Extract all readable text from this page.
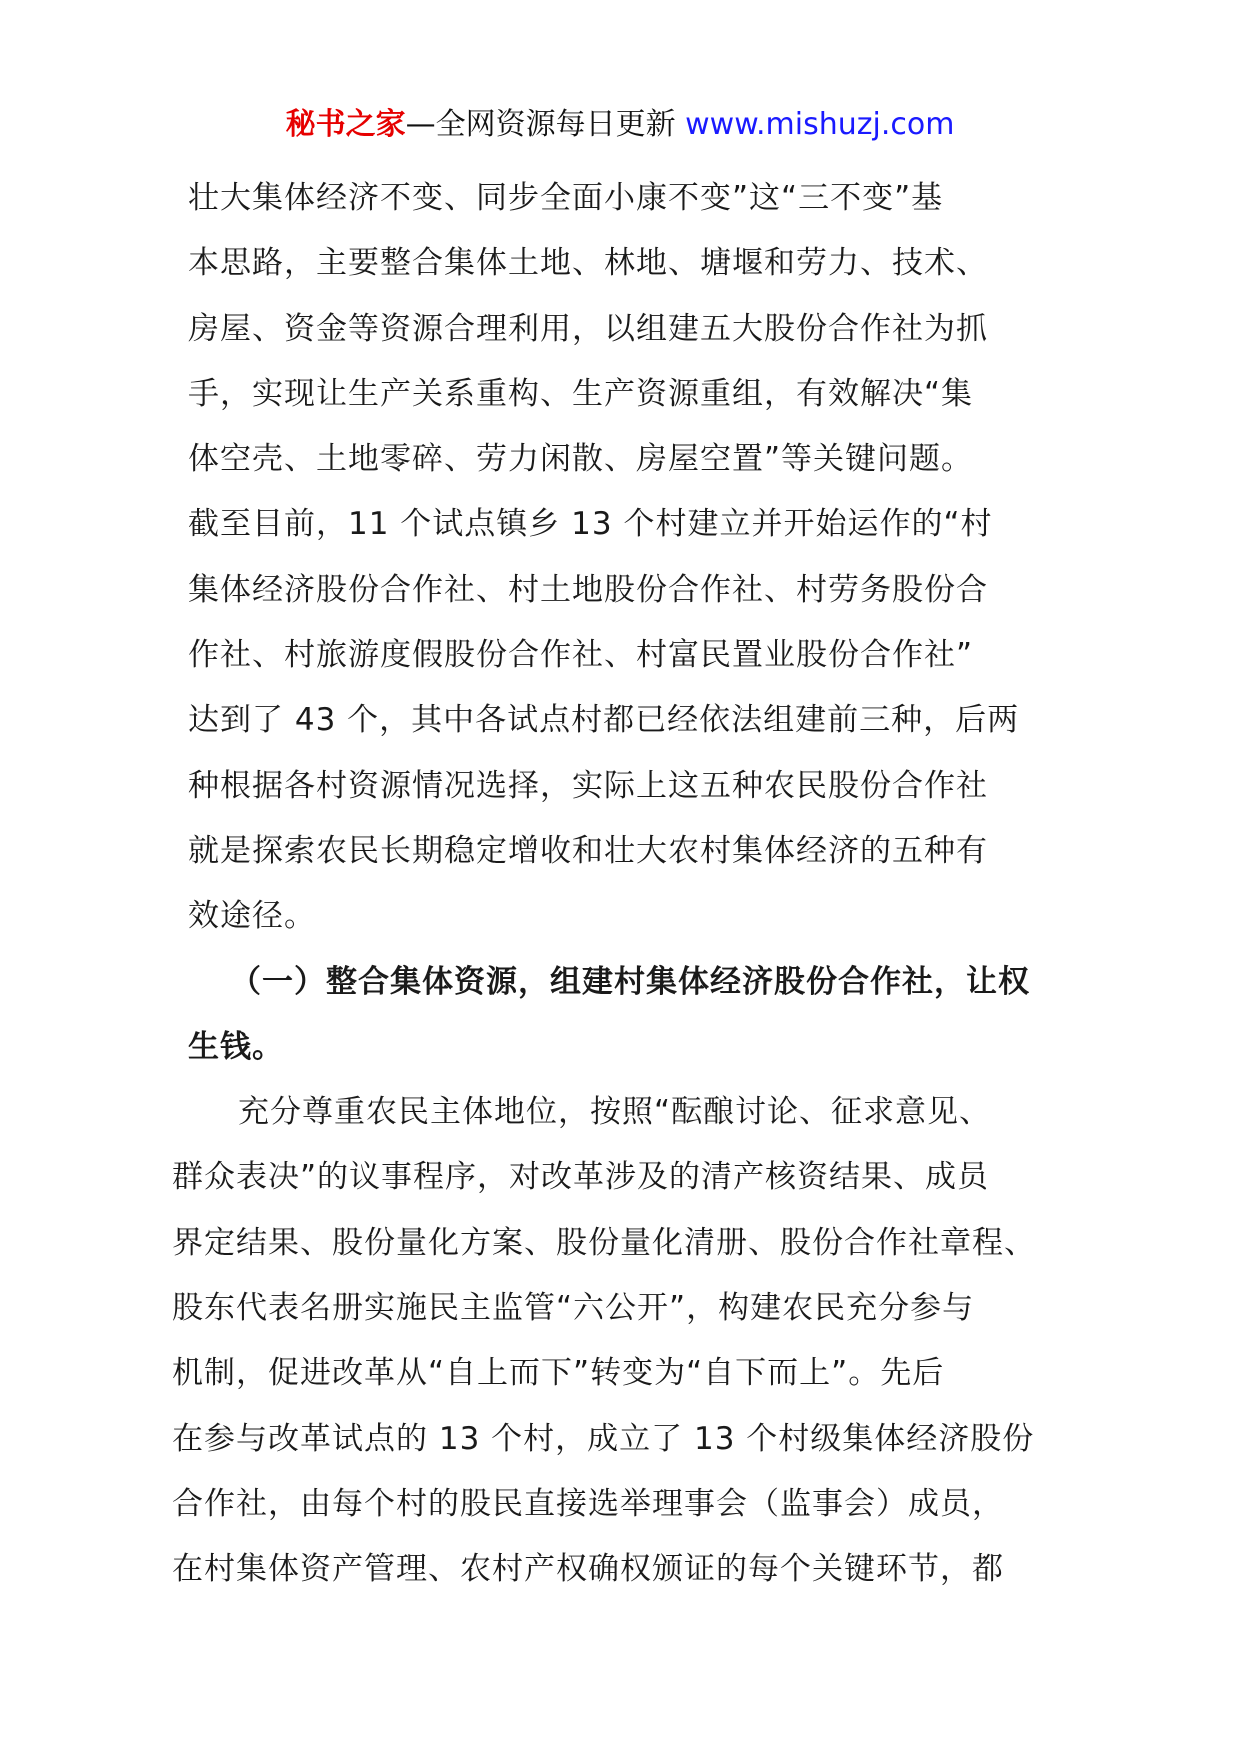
秘书之家—全网资源每日更新 www.mishuzj.com
壮大集体经济不变、同步全面小康不变”这“三不变”基
本思路，主要整合集体土地、林地、塘堰和劳力、技术、
房屋、资金等资源合理利用，以组建五大股份合作社为抓
手，实现让生产关系重构、生产资源重组，有效解决“集
体空壳、土地零碎、劳力闲散、房屋空置”等关键问题。
截至目前，11 个试点镇乡 13 个村建立并开始运作的“村
集体经济股份合作社、村土地股份合作社、村劳务股份合
作社、村旅游度假股份合作社、村富民置业股份合作社”
达到了 43 个，其中各试点村都已经依法组建前三种，后两
种根据各村资源情况选择，实际上这五种农民股份合作社
就是探索农民长期稳定增收和壮大农村集体经济的五种有
效途径。
（一）整合集体资源，组建村集体经济股份合作社，让权
生钱。
充分尊重农民主体地位，按照“酝酿讨论、征求意见、
群众表决”的议事程序，对改革涉及的清产核资结果、成员
界定结果、股份量化方案、股份量化清册、股份合作社章程、
股东代表名册实施民主监管“六公开”，构建农民充分参与
机制，促进改革从“自上而下”转变为“自下而上”。先后
在参与改革试点的 13 个村，成立了 13 个村级集体经济股份
合作社，由每个村的股民直接选举理事会（监事会）成员，
在村集体资产管理、农村产权确权颁证的每个关键环节，都
